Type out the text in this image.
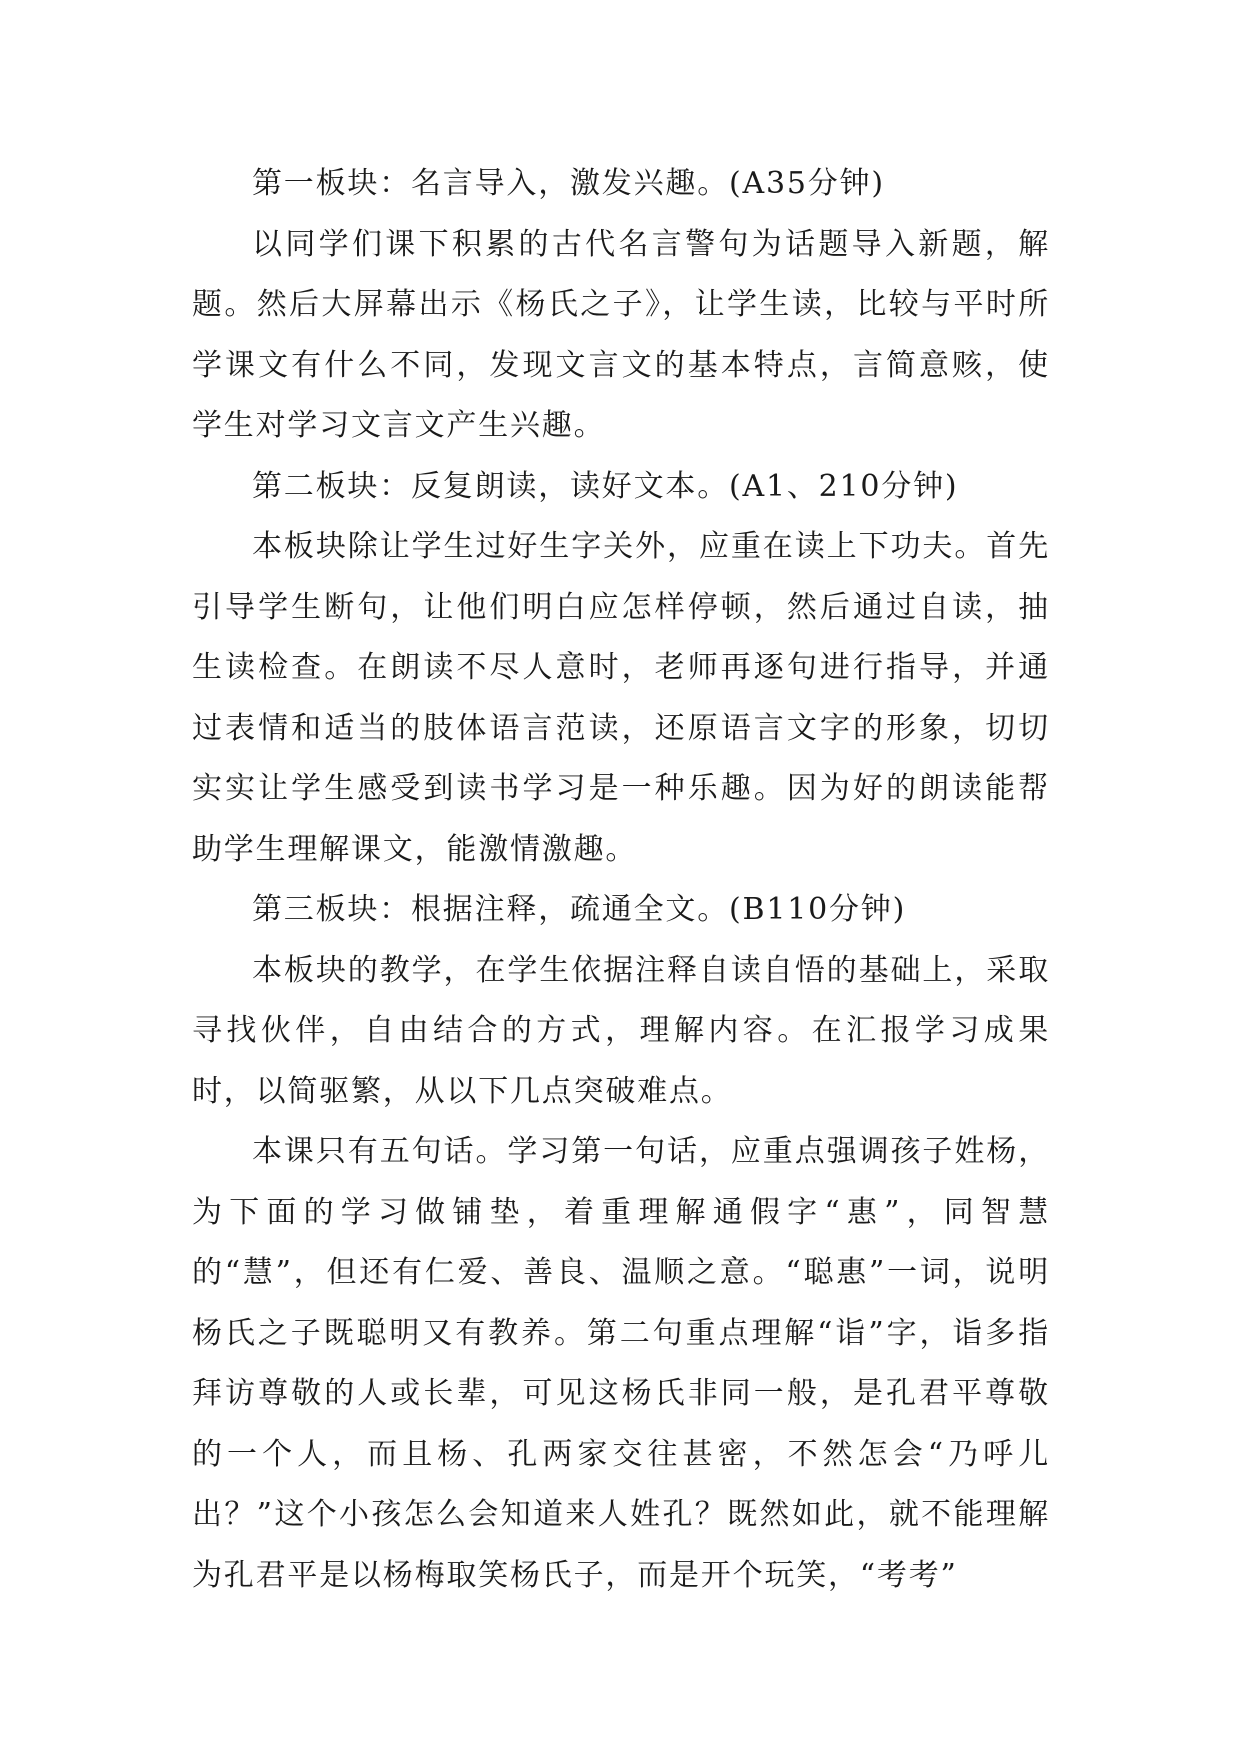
第一板块：名言导入，激发兴趣。(A35分钟)

以同学们课下积累的古代名言警句为话题导入新题，解题。然后大屏幕出示《杨氏之子》，让学生读，比较与平时所学课文有什么不同，发现文言文的基本特点，言简意赅，使学生对学习文言文产生兴趣。

第二板块：反复朗读，读好文本。(A1、210分钟)

本板块除让学生过好生字关外，应重在读上下功夫。首先引导学生断句，让他们明白应怎样停顿，然后通过自读，抽生读检查。在朗读不尽人意时，老师再逐句进行指导，并通过表情和适当的肢体语言范读，还原语言文字的形象，切切实实让学生感受到读书学习是一种乐趣。因为好的朗读能帮助学生理解课文，能激情激趣。

第三板块：根据注释，疏通全文。(B110分钟)

本板块的教学，在学生依据注释自读自悟的基础上，采取寻找伙伴，自由结合的方式，理解内容。在汇报学习成果时，以简驱繁，从以下几点突破难点。

本课只有五句话。学习第一句话，应重点强调孩子姓杨，为下面的学习做铺垫，着重理解通假字“惠”，同智慧的“慧”，但还有仁爱、善良、温顺之意。“聪惠”一词，说明杨氏之子既聪明又有教养。第二句重点理解“诣”字，诣多指拜访尊敬的人或长辈，可见这杨氏非同一般，是孔君平尊敬的一个人，而且杨、孔两家交往甚密，不然怎会“乃呼儿出？”这个小孩怎么会知道来人姓孔？既然如此，就不能理解为孔君平是以杨梅取笑杨氏子，而是开个玩笑，“考考”
